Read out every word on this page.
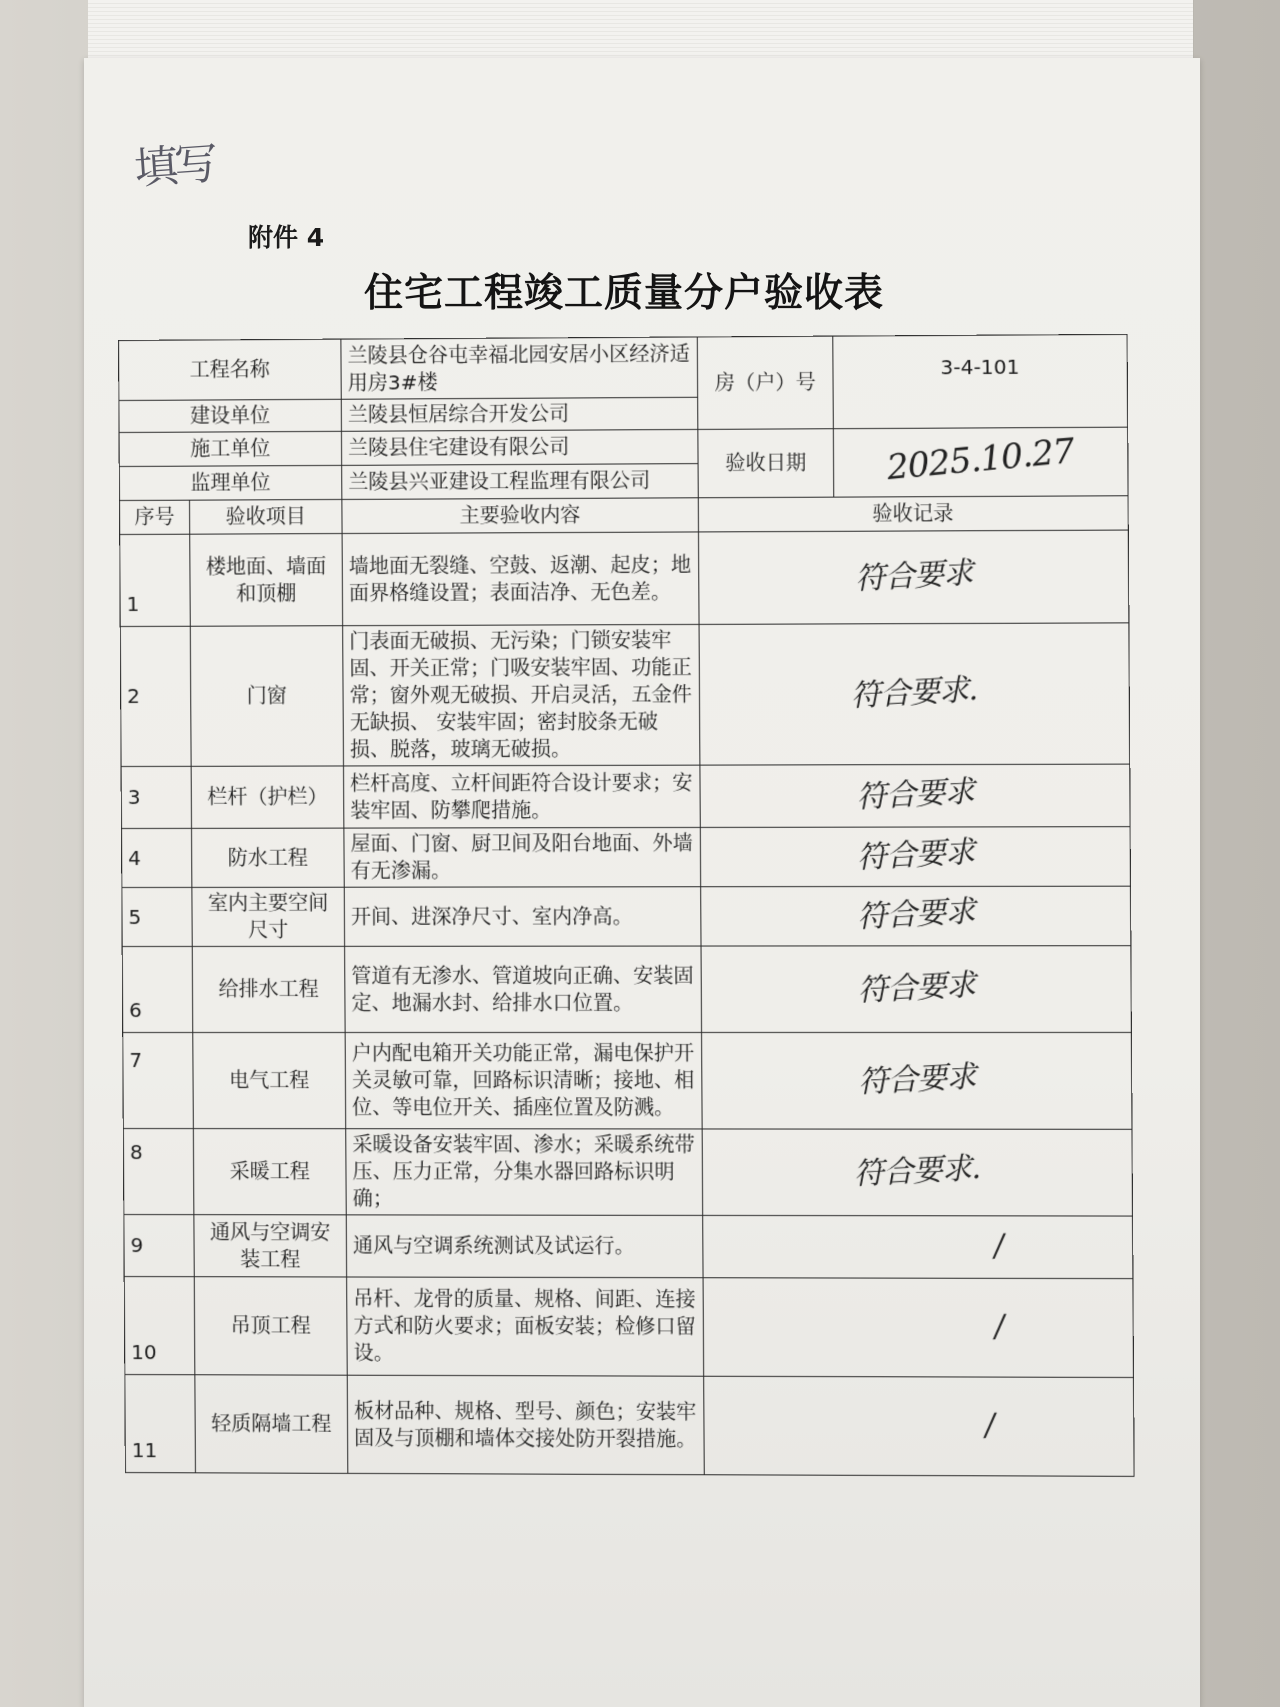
填写
附件 4
住宅工程竣工质量分户验收表
工程名称		兰陵县仓谷屯幸福北园安居小区经济适用房3#楼	房（户）号	3-4-101
建设单位		兰陵县恒居综合开发公司		
施工单位		兰陵县住宅建设有限公司	验收日期	2025.10.27
监理单位		兰陵县兴亚建设工程监理有限公司		
序号	验收项目	主要验收内容	验收记录	
1	楼地面、墙面和顶棚	墙地面无裂缝、空鼓、返潮、起皮；地面界格缝设置；表面洁净、无色差。	符合要求	
2	门窗	门表面无破损、无污染；门锁安装牢固、开关正常；门吸安装牢固、功能正常；窗外观无破损、开启灵活，五金件无缺损、 安装牢固；密封胶条无破损、脱落，玻璃无破损。	符合要求.	
3	栏杆（护栏）	栏杆高度、立杆间距符合设计要求；安装牢固、防攀爬措施。	符合要求	
4	防水工程	屋面、门窗、厨卫间及阳台地面、外墙有无渗漏。	符合要求	
5	室内主要空间尺寸	开间、进深净尺寸、室内净高。	符合要求	
6	给排水工程	管道有无渗水、管道坡向正确、安装固定、地漏水封、给排水口位置。	符合要求	
7	电气工程	户内配电箱开关功能正常，漏电保护开关灵敏可靠，回路标识清晰；接地、相位、等电位开关、插座位置及防溅。	符合要求	
8	采暖工程	采暖设备安装牢固、渗水；采暖系统带压、压力正常，分集水器回路标识明确；	符合要求.	
9	通风与空调安装工程	通风与空调系统测试及试运行。	/	
10	吊顶工程	吊杆、龙骨的质量、规格、间距、连接方式和防火要求；面板安装；检修口留设。	/	
11	轻质隔墙工程	板材品种、规格、型号、颜色；安装牢固及与顶棚和墙体交接处防开裂措施。	/	
